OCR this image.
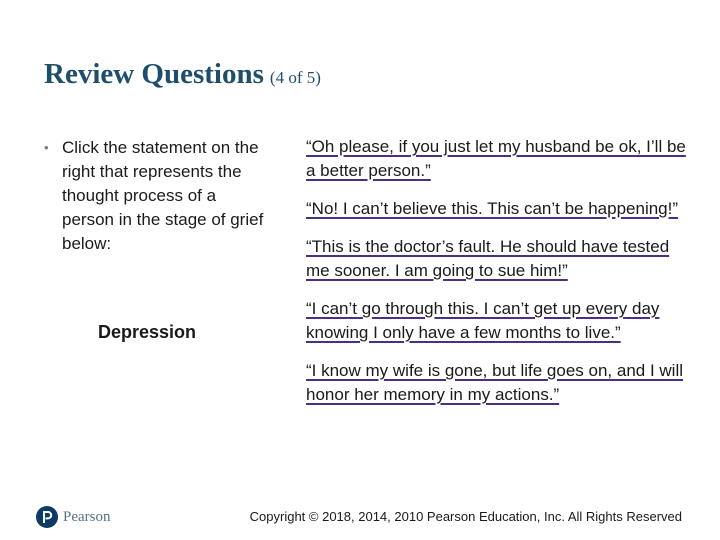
Review Questions (4 of 5)
• Click the statement on the right that represents the thought process of a person in the stage of grief below:
Depression
“Oh please, if you just let my husband be ok, I’ll be a better person.”
“No! I can’t believe this. This can’t be happening!”
“This is the doctor’s fault. He should have tested me sooner. I am going to sue him!”
“I can’t go through this. I can’t get up every day knowing I only have a few months to live.”
“I know my wife is gone, but life goes on, and I will honor her memory in my actions.”
Pearson	Copyright © 2018, 2014, 2010 Pearson Education, Inc. All Rights Reserved
